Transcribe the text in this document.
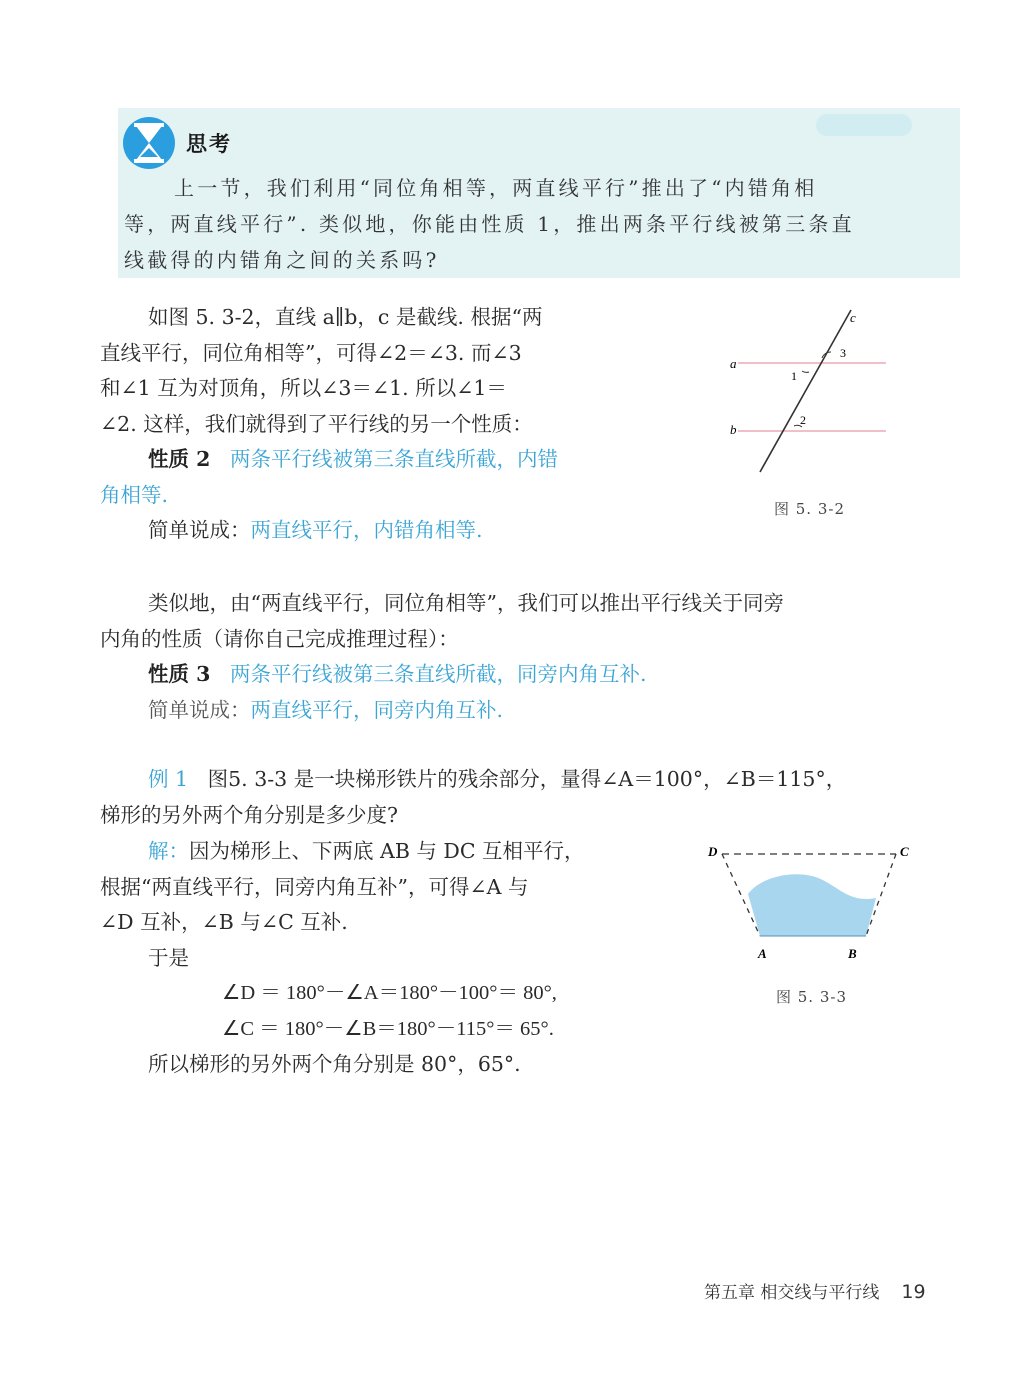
思考
上一节，我们利用“同位角相等，两直线平行”推出了“内错角相
等，两直线平行”. 类似地，你能由性质 1，推出两条平行线被第三条直
线截得的内错角之间的关系吗?
如图 5. 3-2，直线 a∥b，c 是截线. 根据“两
直线平行，同位角相等”，可得∠2＝∠3. 而∠3
和∠1 互为对顶角，所以∠3＝∠1. 所以∠1＝
∠2. 这样，我们就得到了平行线的另一个性质：
性质 2 两条平行线被第三条直线所截，内错
角相等.
简单说成：两直线平行，内错角相等.
a
b
c
1
2
3
图 5. 3-2
类似地，由“两直线平行，同位角相等”，我们可以推出平行线关于同旁
内角的性质（请你自己完成推理过程）：
性质 3 两条平行线被第三条直线所截，同旁内角互补.
简单说成：两直线平行，同旁内角互补.
例 1 图5. 3-3 是一块梯形铁片的残余部分，量得∠A＝100°，∠B＝115°，
梯形的另外两个角分别是多少度?
解：因为梯形上、下两底 AB 与 DC 互相平行，
根据“两直线平行，同旁内角互补”，可得∠A 与
∠D 互补，∠B 与∠C 互补.
于是
∠D ＝ 180°－∠A＝180°－100°＝ 80°,
∠C ＝ 180°－∠B＝180°－115°＝ 65°.
所以梯形的另外两个角分别是 80°，65°.
D	C
A	B
图 5. 3-3
第五章 相交线与平行线 19
